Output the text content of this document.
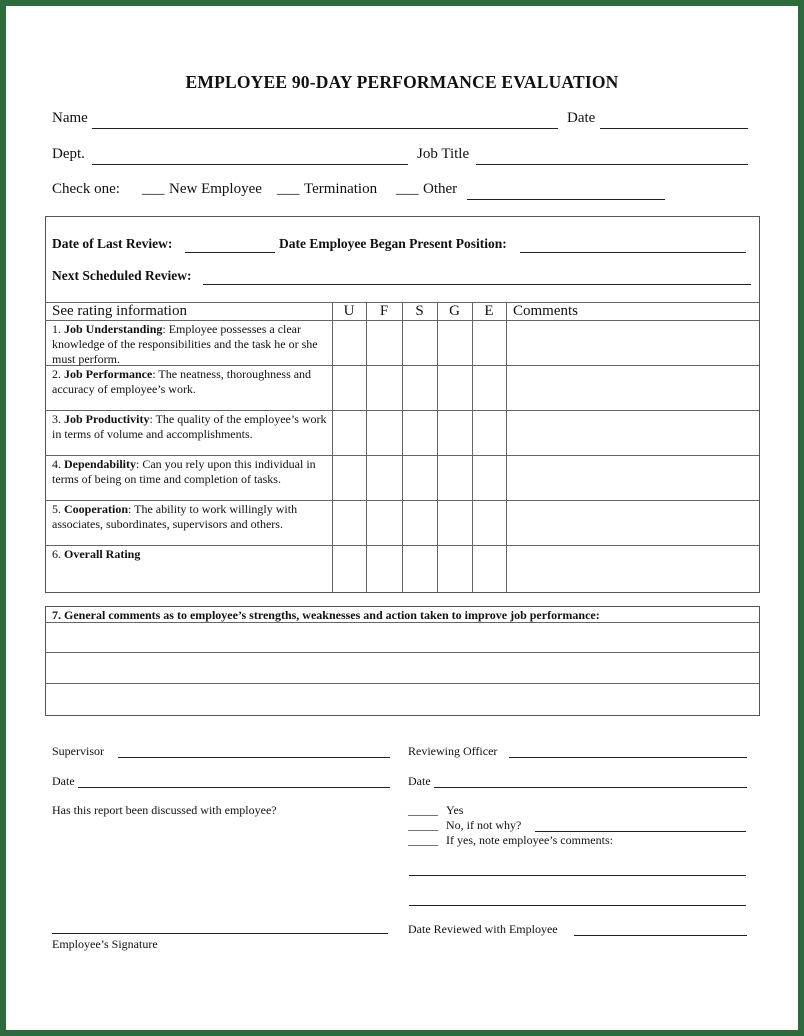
EMPLOYEE 90-DAY PERFORMANCE EVALUATION
Name	Date
Dept.	Job Title
Check one: ___ New Employee ___ Termination ___ Other
Date of Last Review:	Date Employee Began Present Position:
Next Scheduled Review:
See rating information	U	F	S	G	E	Comments
1. Job Understanding: Employee possesses a clear knowledge of the responsibilities and the task he or she must perform.
2. Job Performance: The neatness, thoroughness and accuracy of employee’s work.
3. Job Productivity: The quality of the employee’s work in terms of volume and accomplishments.
4. Dependability: Can you rely upon this individual in terms of being on time and completion of tasks.
5. Cooperation: The ability to work willingly with associates, subordinates, supervisors and others.
6. Overall Rating
7. General comments as to employee’s strengths, weaknesses and action taken to improve job performance:
Supervisor	Reviewing Officer
Date	Date
Has this report been discussed with employee?	_____ Yes
_____ No, if not why?
_____ If yes, note employee’s comments:
Date Reviewed with Employee
Employee’s Signature
